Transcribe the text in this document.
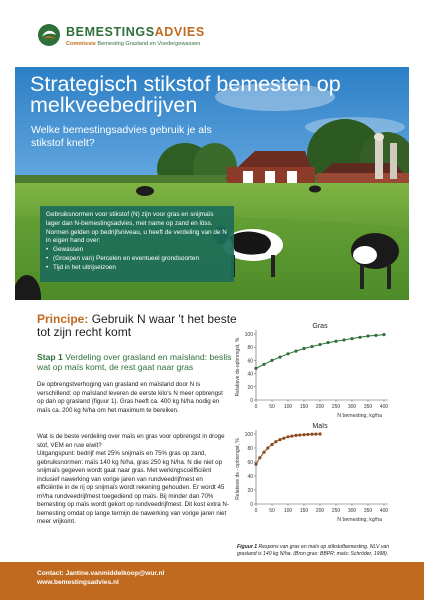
BEMESTINGSADVIES
Commissie Bemesting Grasland en Voedergewassen
Strategisch stikstof bemesten op melkveebedrijven
Welke bemestingsadvies gebruik je als stikstof knelt?

Gebruiksnormen voor stikstof (N) zijn voor gras en snijmaïs lager dan N-bemestingsadvies, met name op zand en löss. Normen gelden op bedrijfsniveau, u heeft de verdeling van de N in eigen hand over:

• Gewassen
• (Groepen van) Percelen en eventueel grondsoorten
• Tijd in het uitrijseizoen
Principe: Gebruik N waar 't het beste tot zijn recht komt
Stap 1 Verdeling over grasland en maïsland: beslis wat op maïs komt, de rest gaat naar gras
De opbrengstverhoging van grasland en maïsland door N is verschillend: op maïsland leveren de eerste kilo's N meer opbrengst op dan op grasland (figuur 1). Gras heeft ca. 400 kg N/ha nodig en maïs ca. 200 kg N/ha om het maximum te bereiken.

Wat is de beste verdeling over maïs en gras voor opbrengst in droge stof, VEM en ruw eiwit?

Uitgangspunt: bedrijf met 25% snijmaïs en 75% gras op zand, gebruiksnormen: maïs 140 kg N/ha, gras 250 kg N/ha. N die niet op snijmaïs gegeven wordt gaat naar gras. Met werkingscoëfficiënt inclusief nawerking van vorige jaren van rundveedrijfmest en efficiëntie in de rij op snijmaïs wordt rekening gehouden. Er wordt 45 m³/ha rundveedrijfmest toegediend op maïs. Bij minder dan 70% bemesting op maïs wordt gekort op rundveedrijfmest. Dit kost extra N-bemesting omdat op lange termijn de nawerking van vorige jaren niet meer vrijkomt.

Gras
0
20
40
60
80
100
0 50 100 150 200 250 300 350 400
N bemesting, kg/ha
Relatieve ds-opbrengst, %
Maïs
0
20
40
60
80
100
0 50 100 150 200 250 300 350 400
N bemesting, kg/ha
Relatieve ds - opbrengst, %
Figuur 1 Respons van gras en maïs op stikstofbemesting. NLV van grasland is 140 kg N/ha. (Bron gras: BBPR; maïs: Schröder, 1998).
Contact: Jantine.vanmiddelkoop@wur.nl
www.bemestingsadvies.nl
